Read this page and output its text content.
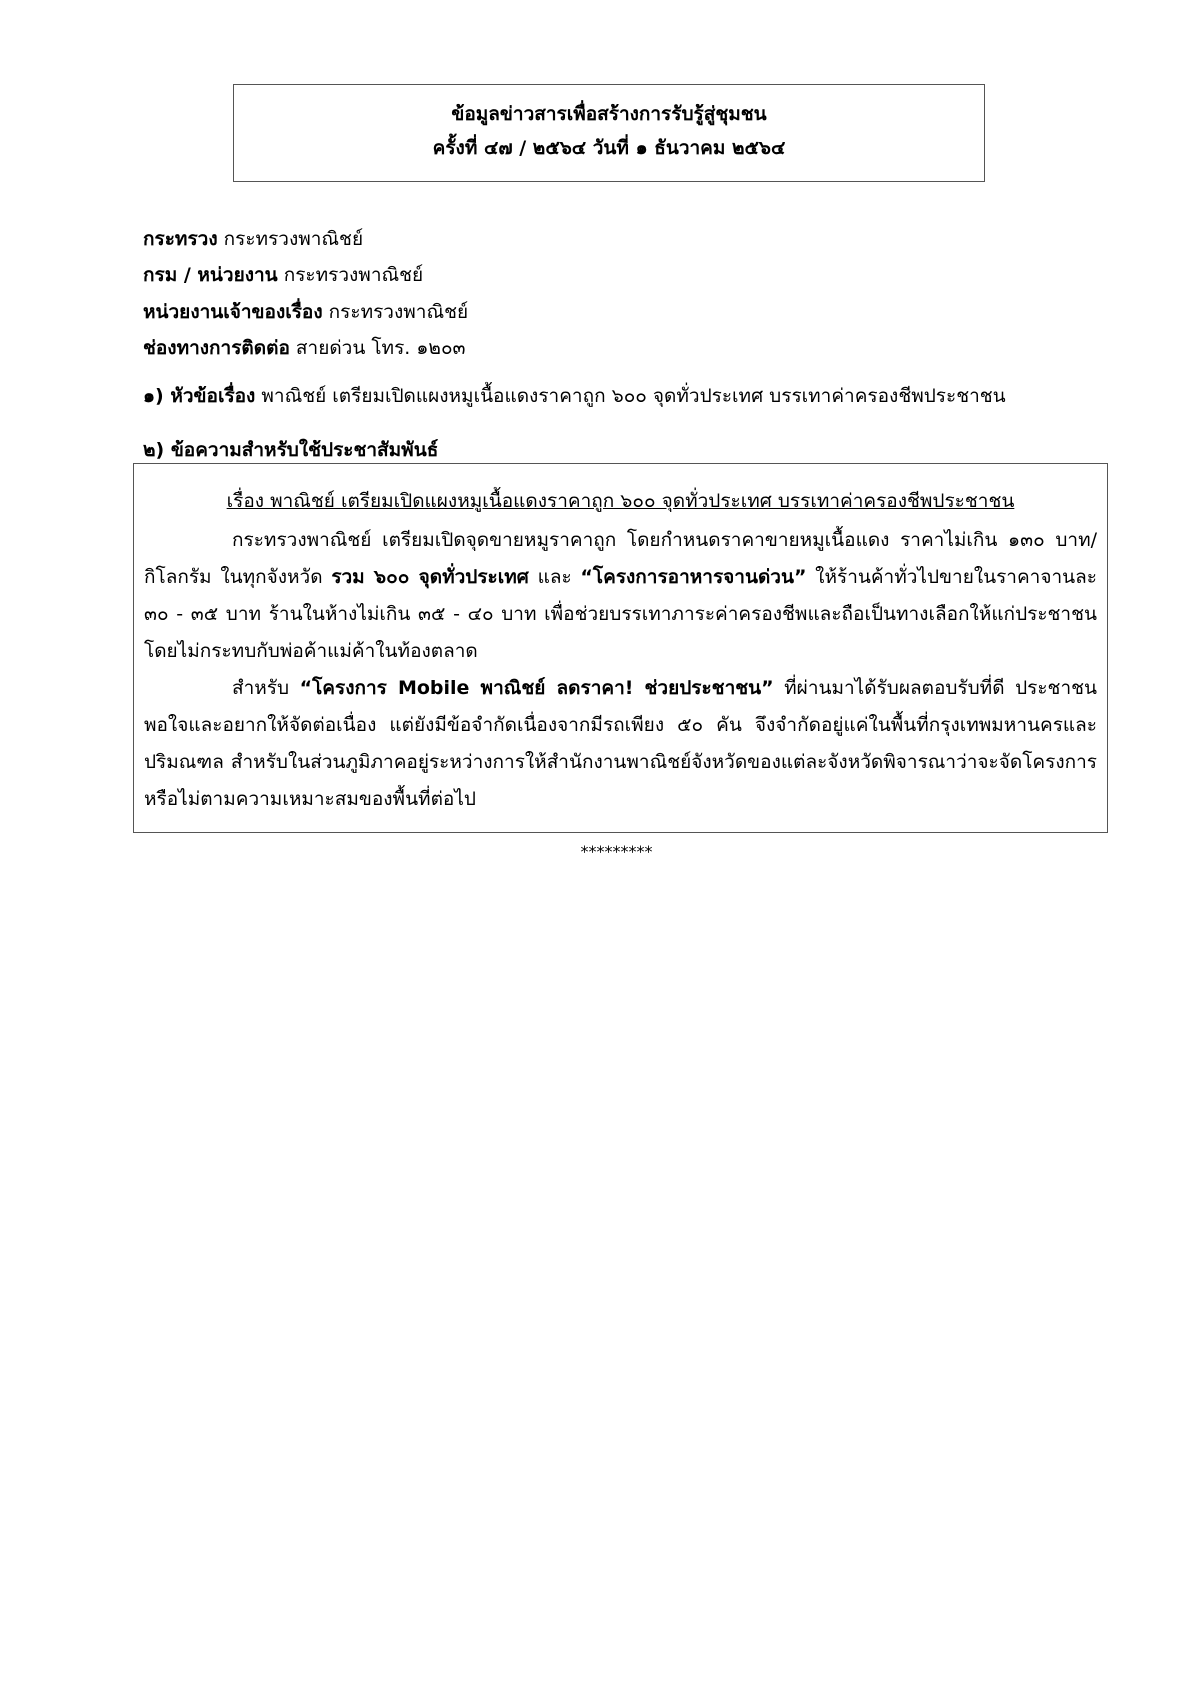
ข้อมูลข่าวสารเพื่อสร้างการรับรู้สู่ชุมชน
ครั้งที่ ๔๗ / ๒๕๖๔ วันที่ ๑ ธันวาคม ๒๕๖๔
กระทรวง กระทรวงพาณิชย์
กรม / หน่วยงาน กระทรวงพาณิชย์
หน่วยงานเจ้าของเรื่อง กระทรวงพาณิชย์
ช่องทางการติดต่อ สายด่วน โทร. ๑๒๐๓
๑) หัวข้อเรื่อง พาณิชย์ เตรียมเปิดแผงหมูเนื้อแดงราคาถูก ๖๐๐ จุดทั่วประเทศ บรรเทาค่าครองชีพประชาชน
๒) ข้อความสำหรับใช้ประชาสัมพันธ์
เรื่อง พาณิชย์ เตรียมเปิดแผงหมูเนื้อแดงราคาถูก ๖๐๐ จุดทั่วประเทศ บรรเทาค่าครองชีพประชาชน

กระทรวงพาณิชย์ เตรียมเปิดจุดขายหมูราคาถูก โดยกำหนดราคาขายหมูเนื้อแดง ราคาไม่เกิน ๑๓๐ บาท/กิโลกรัม ในทุกจังหวัด รวม ๖๐๐ จุดทั่วประเทศ และ “โครงการอาหารจานด่วน” ให้ร้านค้าทั่วไปขายในราคาจานละ ๓๐ - ๓๕ บาท ร้านในห้างไม่เกิน ๓๕ - ๔๐ บาท เพื่อช่วยบรรเทาภาระค่าครองชีพและถือเป็นทางเลือกให้แก่ประชาชน โดยไม่กระทบกับพ่อค้าแม่ค้าในท้องตลาด

สำหรับ “โครงการ Mobile พาณิชย์ ลดราคา! ช่วยประชาชน” ที่ผ่านมาได้รับผลตอบรับที่ดี ประชาชนพอใจและอยากให้จัดต่อเนื่อง แต่ยังมีข้อจำกัดเนื่องจากมีรถเพียง ๕๐ คัน จึงจำกัดอยู่แค่ในพื้นที่กรุงเทพมหานครและปริมณฑล สำหรับในส่วนภูมิภาคอยู่ระหว่างการให้สำนักงานพาณิชย์จังหวัดของแต่ละจังหวัดพิจารณาว่าจะจัดโครงการหรือไม่ตามความเหมาะสมของพื้นที่ต่อไป

*********
